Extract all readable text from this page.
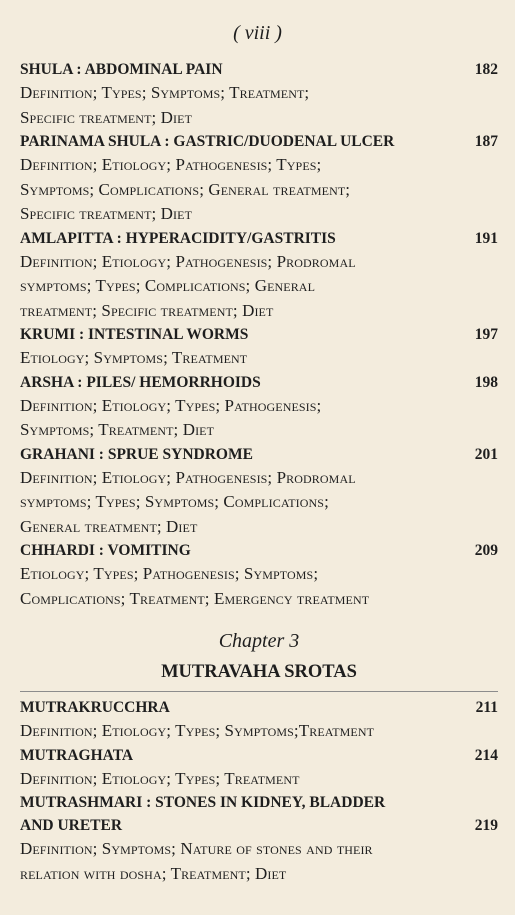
( viii )
SHULA : ABDOMINAL PAIN	182
Definition; Types; Symptoms; Treatment;
Specific treatment; Diet
PARINAMA SHULA : GASTRIC/DUODENAL ULCER	187
Definition; Etiology; Pathogenesis; Types;
Symptoms; Complications; General treatment;
Specific treatment; Diet
AMLAPITTA : HYPERACIDITY/GASTRITIS	191
Definition; Etiology; Pathogenesis; Prodromal
symptoms; Types; Complications; General
treatment; Specific treatment; Diet
KRUMI : INTESTINAL WORMS	197
Etiology; Symptoms; Treatment
ARSHA : PILES/ HEMORRHOIDS	198
Definition; Etiology; Types; Pathogenesis;
Symptoms; Treatment; Diet
GRAHANI : SPRUE SYNDROME	201
Definition; Etiology; Pathogenesis; Prodromal
symptoms; Types; Symptoms; Complications;
General treatment; Diet
CHHARDI : VOMITING	209
Etiology; Types; Pathogenesis; Symptoms;
Complications; Treatment; Emergency treatment
Chapter 3
MUTRAVAHA SROTAS
MUTRAKRUCCHRA	211
Definition; Etiology; Types; Symptoms;Treatment
MUTRAGHATA	214
Definition; Etiology; Types; Treatment
MUTRASHMARI : STONES IN KIDNEY, BLADDER
AND URETER	219
Definition; Symptoms; Nature of stones and their
relation with dosha; Treatment; Diet
